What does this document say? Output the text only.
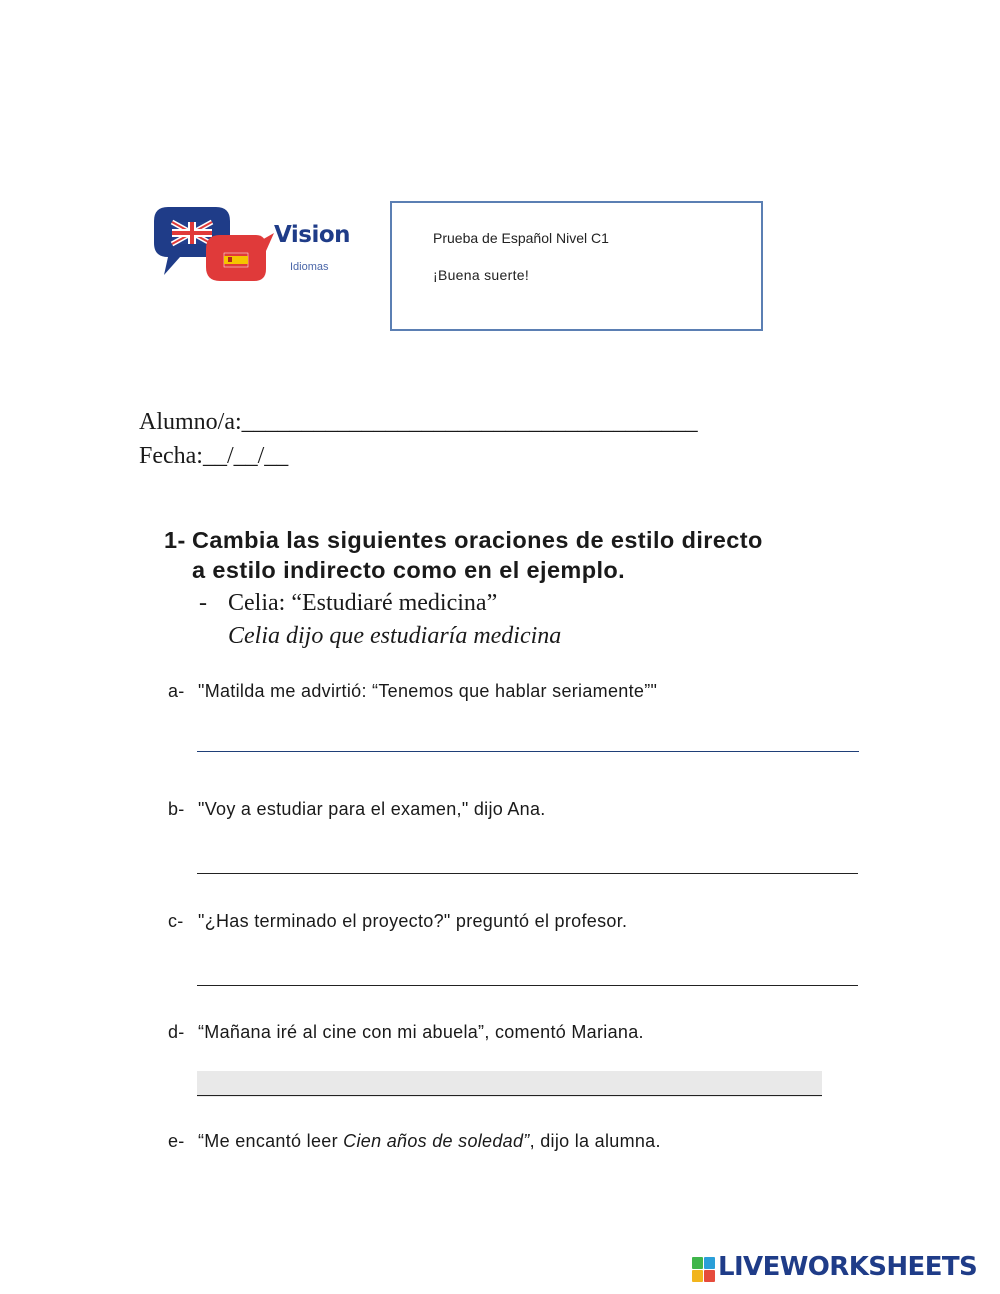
Vision
Idiomas
Prueba de Español Nivel C1
¡Buena suerte!
Alumno/a:______________________________________
Fecha:__/__/__
1- Cambia las siguientes oraciones de estilo directo
a estilo indirecto como en el ejemplo.
- Celia: “Estudiaré medicina”
Celia dijo que estudiaría medicina
a- "Matilda me advirtió: “Tenemos que hablar seriamente”"
b- "Voy a estudiar para el examen," dijo Ana.
c- "¿Has terminado el proyecto?" preguntó el profesor.
d- “Mañana iré al cine con mi abuela”, comentó Mariana.
e- “Me encantó leer Cien años de soledad”, dijo la alumna.
LIVEWORKSHEETS
